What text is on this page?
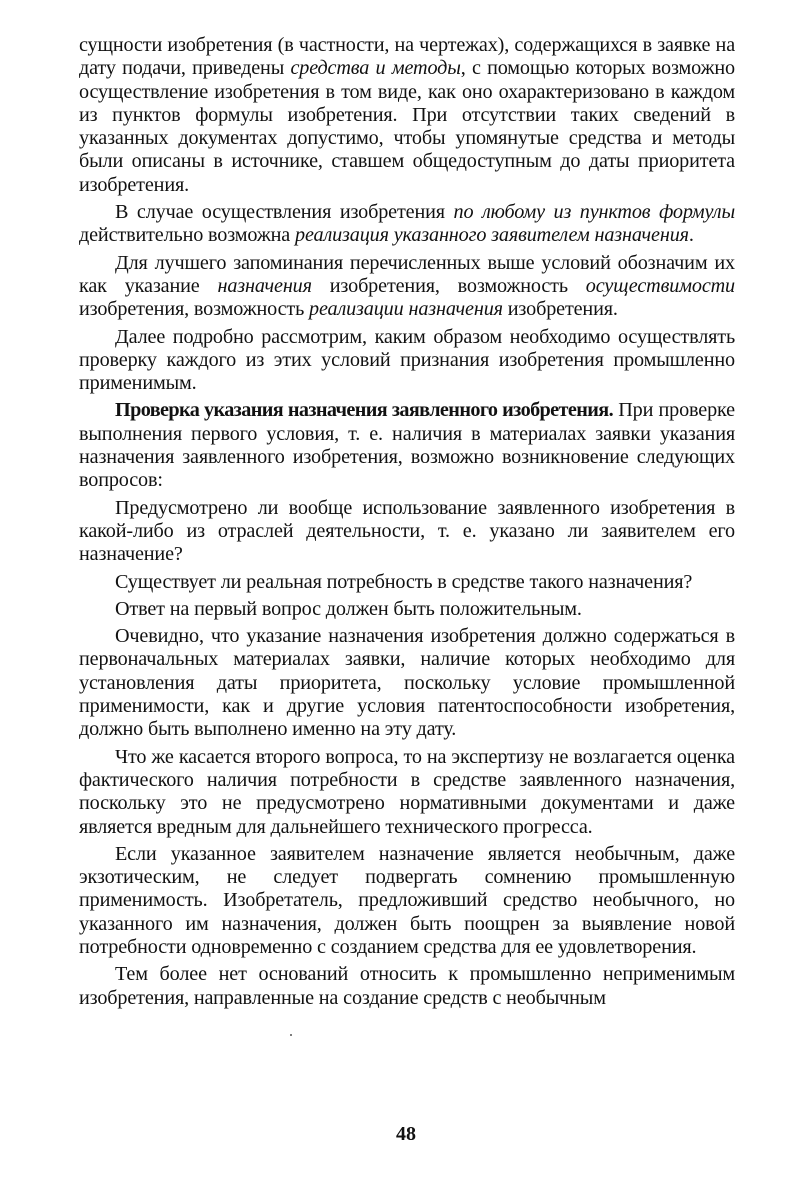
сущности изобретения (в частности, на чертежах), содержащихся в заявке на дату подачи, приведены средства и методы, с помощью которых возможно осуществление изобретения в том виде, как оно охарактеризовано в каждом из пунктов формулы изобретения. При отсутствии таких сведений в указанных документах допустимо, чтобы упомянутые средства и методы были описаны в источнике, ставшем общедоступным до даты приоритета изобретения.

В случае осуществления изобретения по любому из пунктов формулы действительно возможна реализация указанного заявителем назначения.

Для лучшего запоминания перечисленных выше условий обозначим их как указание назначения изобретения, возможность осуществимости изобретения, возможность реализации назначения изобретения.

Далее подробно рассмотрим, каким образом необходимо осуществлять проверку каждого из этих условий признания изобретения промышленно применимым.

Проверка указания назначения заявленного изобретения. При проверке выполнения первого условия, т. е. наличия в материалах заявки указания назначения заявленного изобретения, возможно возникновение следующих вопросов:

Предусмотрено ли вообще использование заявленного изобретения в какой-либо из отраслей деятельности, т. е. указано ли заявителем его назначение?

Существует ли реальная потребность в средстве такого назначения?

Ответ на первый вопрос должен быть положительным.

Очевидно, что указание назначения изобретения должно содержаться в первоначальных материалах заявки, наличие которых необходимо для установления даты приоритета, поскольку условие промышленной применимости, как и другие условия патентоспособности изобретения, должно быть выполнено именно на эту дату.

Что же касается второго вопроса, то на экспертизу не возлагается оценка фактического наличия потребности в средстве заявленного назначения, поскольку это не предусмотрено нормативными документами и даже является вредным для дальнейшего технического прогресса.

Если указанное заявителем назначение является необычным, даже экзотическим, не следует подвергать сомнению промышленную применимость. Изобретатель, предложивший средство необычного, но указанного им назначения, должен быть поощрен за выявление новой потребности одновременно с созданием средства для ее удовлетворения.

Тем более нет оснований относить к промышленно неприменимым изобретения, направленные на создание средств с необычным

48
